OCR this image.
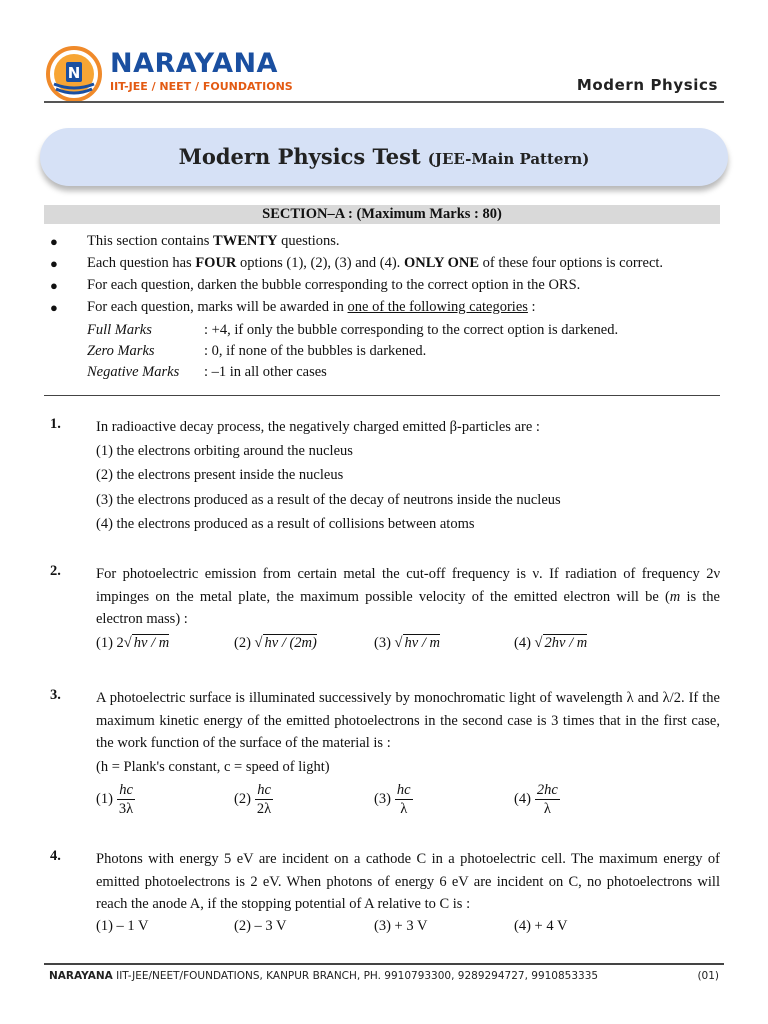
N NARAYANA
IIT-JEE / NEET / FOUNDATIONS	Modern Physics
Modern Physics Test (JEE-Main Pattern)
SECTION–A : (Maximum Marks : 80)
● This section contains TWENTY questions.
● Each question has FOUR options (1), (2), (3) and (4). ONLY ONE of these four options is correct.
● For each question, darken the bubble corresponding to the correct option in the ORS.
● For each question, marks will be awarded in one of the following categories :
Full Marks	: +4, if only the bubble corresponding to the correct option is darkened.
Zero Marks	: 0, if none of the bubbles is darkened.
Negative Marks : –1 in all other cases
1. In radioactive decay process, the negatively charged emitted β-particles are :
(1) the electrons orbiting around the nucleus
(2) the electrons present inside the nucleus
(3) the electrons produced as a result of the decay of neutrons inside the nucleus
(4) the electrons produced as a result of collisions between atoms
2. For photoelectric emission from certain metal the cut-off frequency is ν. If radiation of frequency 2ν impinges on the metal plate, the maximum possible velocity of the emitted electron will be (m is the electron mass) :
(1) 2√ hν / m	(2) √ hν / (2m)	(3) √ hν / m	(4) √ 2hν / m
3. A photoelectric surface is illuminated successively by monochromatic light of wavelength λ and λ/2. If the maximum kinetic energy of the emitted photoelectrons in the second case is 3 times that in the first case, the work function of the surface of the material is :
(h = Plank's constant, c = speed of light)
$(1) \frac{hc}{3\lambda}$	$(2) \frac{hc}{2\lambda}$	$(3) \frac{hc}{\lambda}$	$(4) \frac{2hc}{\lambda}$
4. Photons with energy 5 eV are incident on a cathode C in a photoelectric cell. The maximum energy of emitted photoelectrons is 2 eV. When photons of energy 6 eV are incident on C, no photoelectrons will reach the anode A, if the stopping potential of A relative to C is :
(1) – 1 V	(2) – 3 V	(3) + 3 V	(4) + 4 V
NARAYANA IIT-JEE/NEET/FOUNDATIONS, KANPUR BRANCH, PH. 9910793300, 9289294727, 9910853335	(01)
